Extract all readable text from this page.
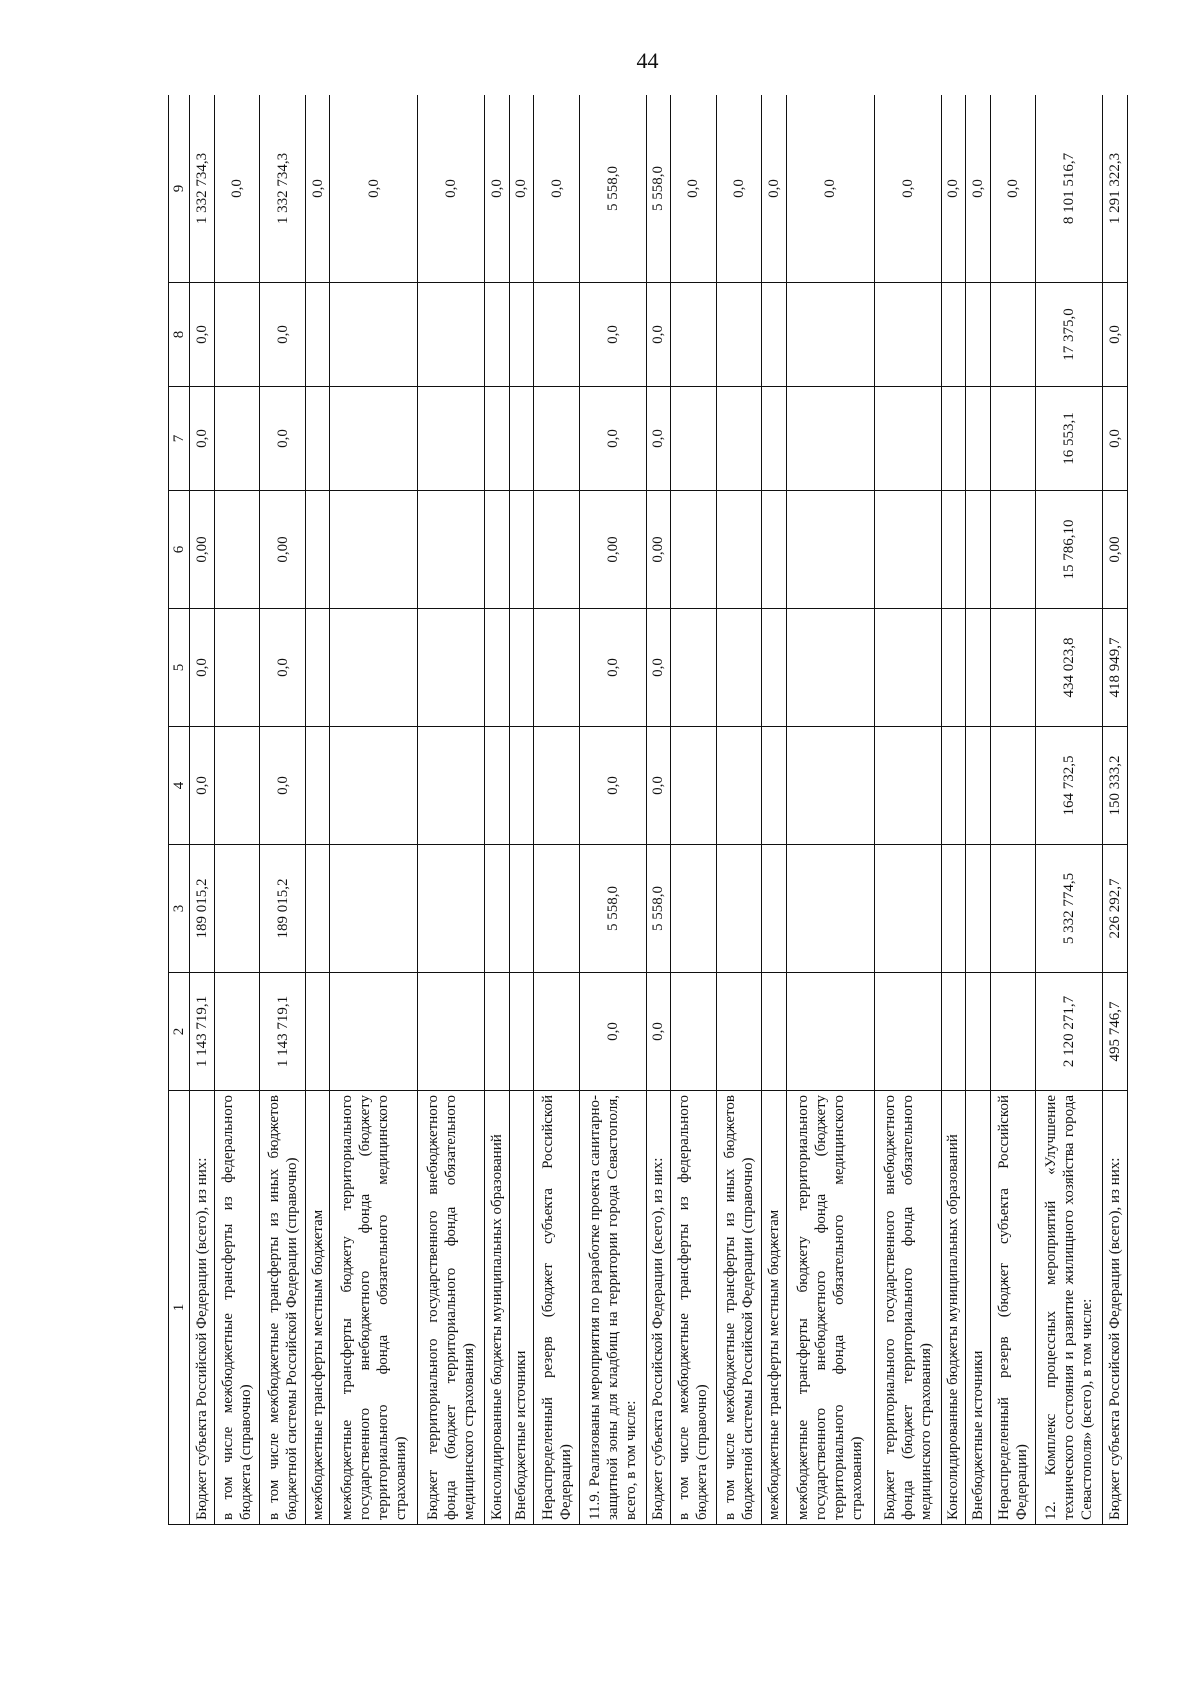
44
1	2	3	4	5	6	7	8	9
Бюджет субъекта Российской Федерации (всего), из них:	1 143 719,1	189 015,2	0,0	0,0	0,00	0,0	0,0	1 332 734,3
в том числе межбюджетные трансферты из федерального бюджета (справочно)								0,0
в том числе межбюджетные трансферты из иных бюджетов бюджетной системы Российской Федерации (справочно)	1 143 719,1	189 015,2	0,0	0,0	0,00	0,0	0,0	1 332 734,3
межбюджетные трансферты местным бюджетам								0,0
межбюджетные трансферты бюджету территориального государственного внебюджетного фонда (бюджету территориального фонда обязательного медицинского страхования)								0,0
Бюджет территориального государственного внебюджетного фонда (бюджет территориального фонда обязательного медицинского страхования)								0,0
Консолидированные бюджеты муниципальных образований								0,0
Внебюджетные источники								0,0
Нераспределенный резерв (бюджет субъекта Российской Федерации)								0,0
11.9. Реализованы мероприятия по разработке проекта санитарно-защитной зоны для кладбищ на территории города Севастополя, всего, в том числе:	0,0	5 558,0	0,0	0,0	0,00	0,0	0,0	5 558,0
Бюджет субъекта Российской Федерации (всего), из них:	0,0	5 558,0	0,0	0,0	0,00	0,0	0,0	5 558,0
в том числе межбюджетные трансферты из федерального бюджета (справочно)								0,0
в том числе межбюджетные трансферты из иных бюджетов бюджетной системы Российской Федерации (справочно)								0,0
межбюджетные трансферты местным бюджетам								0,0
межбюджетные трансферты бюджету территориального государственного внебюджетного фонда (бюджету территориального фонда обязательного медицинского страхования)								0,0
Бюджет территориального государственного внебюджетного фонда (бюджет территориального фонда обязательного медицинского страхования)								0,0
Консолидированные бюджеты муниципальных образований								0,0
Внебюджетные источники								0,0
Нераспределенный резерв (бюджет субъекта Российской Федерации)								0,0
12. Комплекс процессных мероприятий «Улучшение технического состояния и развитие жилищного хозяйства города Севастополя» (всего), в том числе:	2 120 271,7	5 332 774,5	164 732,5	434 023,8	15 786,10	16 553,1	17 375,0	8 101 516,7
Бюджет субъекта Российской Федерации (всего), из них:	495 746,7	226 292,7	150 333,2	418 949,7	0,00	0,0	0,0	1 291 322,3
